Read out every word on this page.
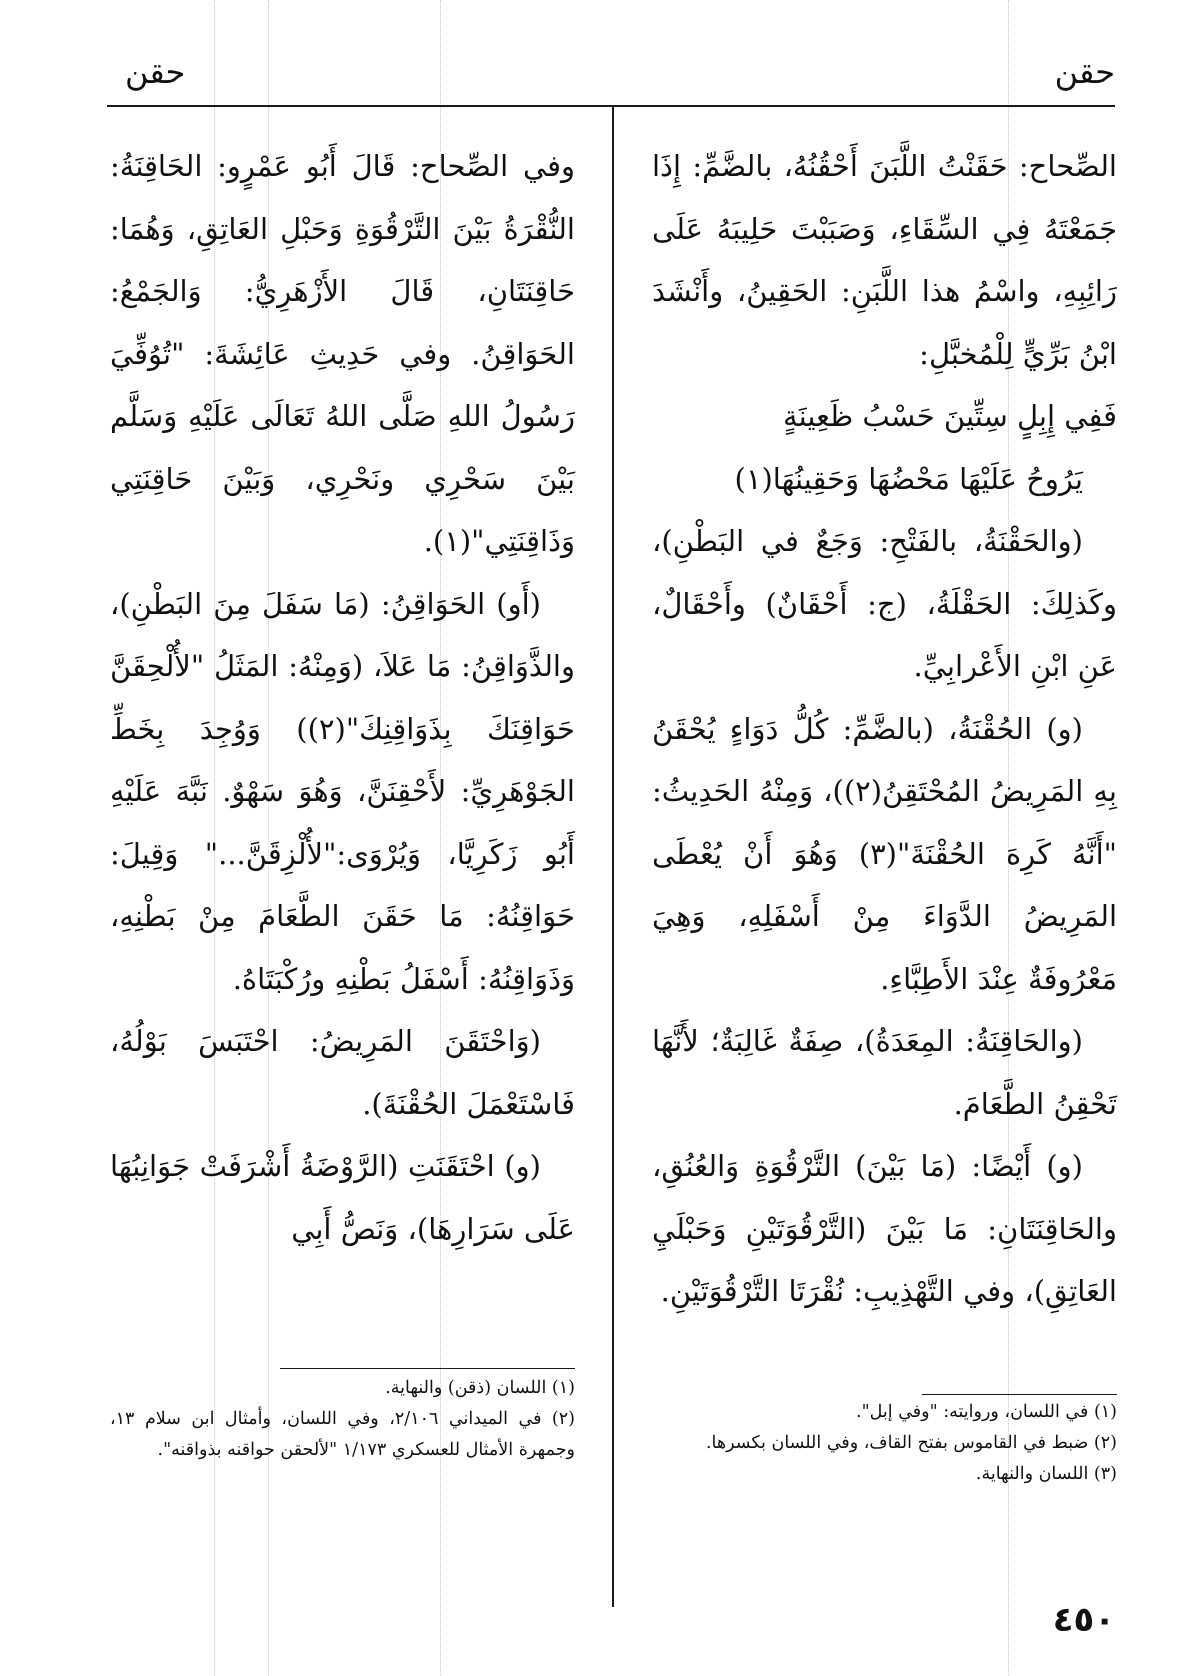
حقن
حقن

الصِّحاح: حَقَنْتُ اللَّبَنَ أَحْقُنُهُ، بالضَّمِّ: إِذَا جَمَعْتَهُ فِي السِّقَاءِ، وَصَبَبْتَ حَلِيبَهُ عَلَى رَائِبِهِ، واسْمُ هذا اللَّبَنِ: الحَقِينُ، وأَنْشَدَ ابْنُ بَرِّيٍّ لِلْمُخبَّلِ:

فَفِي إِبِلٍ سِتِّينَ حَسْبُ ظَعِينَةٍ

يَرُوحُ عَلَيْهَا مَحْضُهَا وَحَقِينُهَا(١)

(والحَقْنَةُ، بالفَتْحِ: وَجَعٌ في البَطْنِ)، وكَذلِكَ: الحَقْلَةُ، (ج: أَحْقَانٌ) وأَحْقَالٌ، عَنِ ابْنِ الأَعْرابِيِّ.

(و) الحُقْنَةُ، (بالضَّمِّ: كُلُّ دَوَاءٍ يُحْقَنُ بِهِ المَرِيضُ المُحْتَقِنُ(٢))، وَمِنْهُ الحَدِيثُ: "أَنَّهُ كَرِهَ الحُقْنَةَ"(٣) وَهُوَ أَنْ يُعْطَى المَرِيضُ الدَّوَاءَ مِنْ أَسْفَلِهِ، وَهِيَ مَعْرُوفَةٌ عِنْدَ الأَطِبَّاءِ.

(والحَاقِنَةُ: المِعَدَةُ)، صِفَةٌ غَالِبَةٌ؛ لأَنَّهَا تَحْقِنُ الطَّعَامَ.

(و) أَيْضًا: (مَا بَيْنَ) التَّرْقُوَةِ وَالعُنُقِ، والحَاقِنَتَانِ: مَا بَيْنَ (التَّرْقُوَتَيْنِ وَحَبْلَيِ العَاتِقِ)، وفي التَّهْذِيبِ: نُقْرَتَا التَّرْقُوَتَيْنِ.

وفي الصِّحاح: قَالَ أَبُو عَمْرٍو: الحَاقِنَةُ: النُّقْرَةُ بَيْنَ التَّرْقُوَةِ وَحَبْلِ العَاتِقِ، وَهُمَا: حَاقِنَتَانِ، قَالَ الأَزْهَرِيُّ: وَالجَمْعُ: الحَوَاقِنُ. وفي حَدِيثِ عَائِشَةَ: "تُوُفِّيَ رَسُولُ اللهِ صَلَّى اللهُ تَعَالَى عَلَيْهِ وَسَلَّم بَيْنَ سَحْرِي ونَحْرِي، وَبَيْنَ حَاقِنَتِي وَذَاقِنَتِي"(١).

(أَو) الحَوَاقِنُ: (مَا سَفَلَ مِنَ البَطْنِ)، والذَّوَاقِنُ: مَا عَلاَ، (وَمِنْهُ: المَثَلُ "لأُلْحِقَنَّ حَوَاقِنَكَ بِذَوَاقِنِكَ"(٢)) وَوُجِدَ بِخَطِّ الجَوْهَرِيِّ: لأَحْقِنَنَّ، وَهُوَ سَهْوٌ. نَبَّهَ عَلَيْهِ أَبُو زَكَرِيَّا، وَيُرْوَى:"لأُلْزِقَنَّ..." وَقِيلَ: حَوَاقِنُهُ: مَا حَقَنَ الطَّعَامَ مِنْ بَطْنِهِ، وَذَوَاقِنُهُ: أَسْفَلُ بَطْنِهِ ورُكْبَتَاهُ.

(وَاحْتَقَنَ المَرِيضُ: احْتَبَسَ بَوْلُهُ، فَاسْتَعْمَلَ الحُقْنَةَ).

(و) احْتَقَنَتِ (الرَّوْضَةُ أَشْرَفَتْ جَوَانِبُهَا عَلَى سَرَارِهَا)، وَنَصُّ أَبِي

(١) في اللسان، وروايته: "وفي إبل".

(٢) ضبط في القاموس بفتح القاف، وفي اللسان بكسرها.

(٣) اللسان والنهاية.

(١) اللسان (ذقن) والنهاية.

(٢) في الميداني ٢/١٠٦، وفي اللسان، وأمثال ابن سلام ١٣، وجمهرة الأمثال للعسكري ١/١٧٣ "لألحقن حواقنه بذواقنه".

٤٥٠
